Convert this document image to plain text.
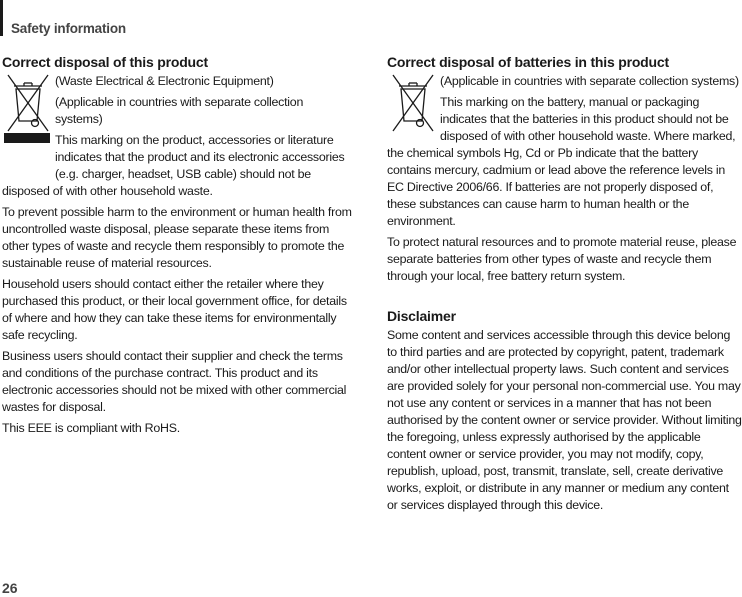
Safety information
Correct disposal of this product

(Waste Electrical & Electronic Equipment)

(Applicable in countries with separate collection systems)

This marking on the product, accessories or literature indicates that the product and its electronic accessories (e.g. charger, headset, USB cable) should not be disposed of with other household waste.

To prevent possible harm to the environment or human health from uncontrolled waste disposal, please separate these items from other types of waste and recycle them responsibly to promote the sustainable reuse of material resources.

Household users should contact either the retailer where they purchased this product, or their local government office, for details of where and how they can take these items for environmentally safe recycling.

Business users should contact their supplier and check the terms and conditions of the purchase contract. This product and its electronic accessories should not be mixed with other commercial wastes for disposal.

This EEE is compliant with RoHS.

Correct disposal of batteries in this product

(Applicable in countries with separate collection systems)

This marking on the battery, manual or packaging indicates that the batteries in this product should not be disposed of with other household waste. Where marked, the chemical symbols Hg, Cd or Pb indicate that the battery contains mercury, cadmium or lead above the reference levels in EC Directive 2006/66. If batteries are not properly disposed of, these substances can cause harm to human health or the environment.

To protect natural resources and to promote material reuse, please separate batteries from other types of waste and recycle them through your local, free battery return system.

Disclaimer

Some content and services accessible through this device belong to third parties and are protected by copyright, patent, trademark and/or other intellectual property laws. Such content and services are provided solely for your personal non-commercial use. You may not use any content or services in a manner that has not been authorised by the content owner or service provider. Without limiting the foregoing, unless expressly authorised by the applicable content owner or service provider, you may not modify, copy, republish, upload, post, transmit, translate, sell, create derivative works, exploit, or distribute in any manner or medium any content or services displayed through this device.

26
